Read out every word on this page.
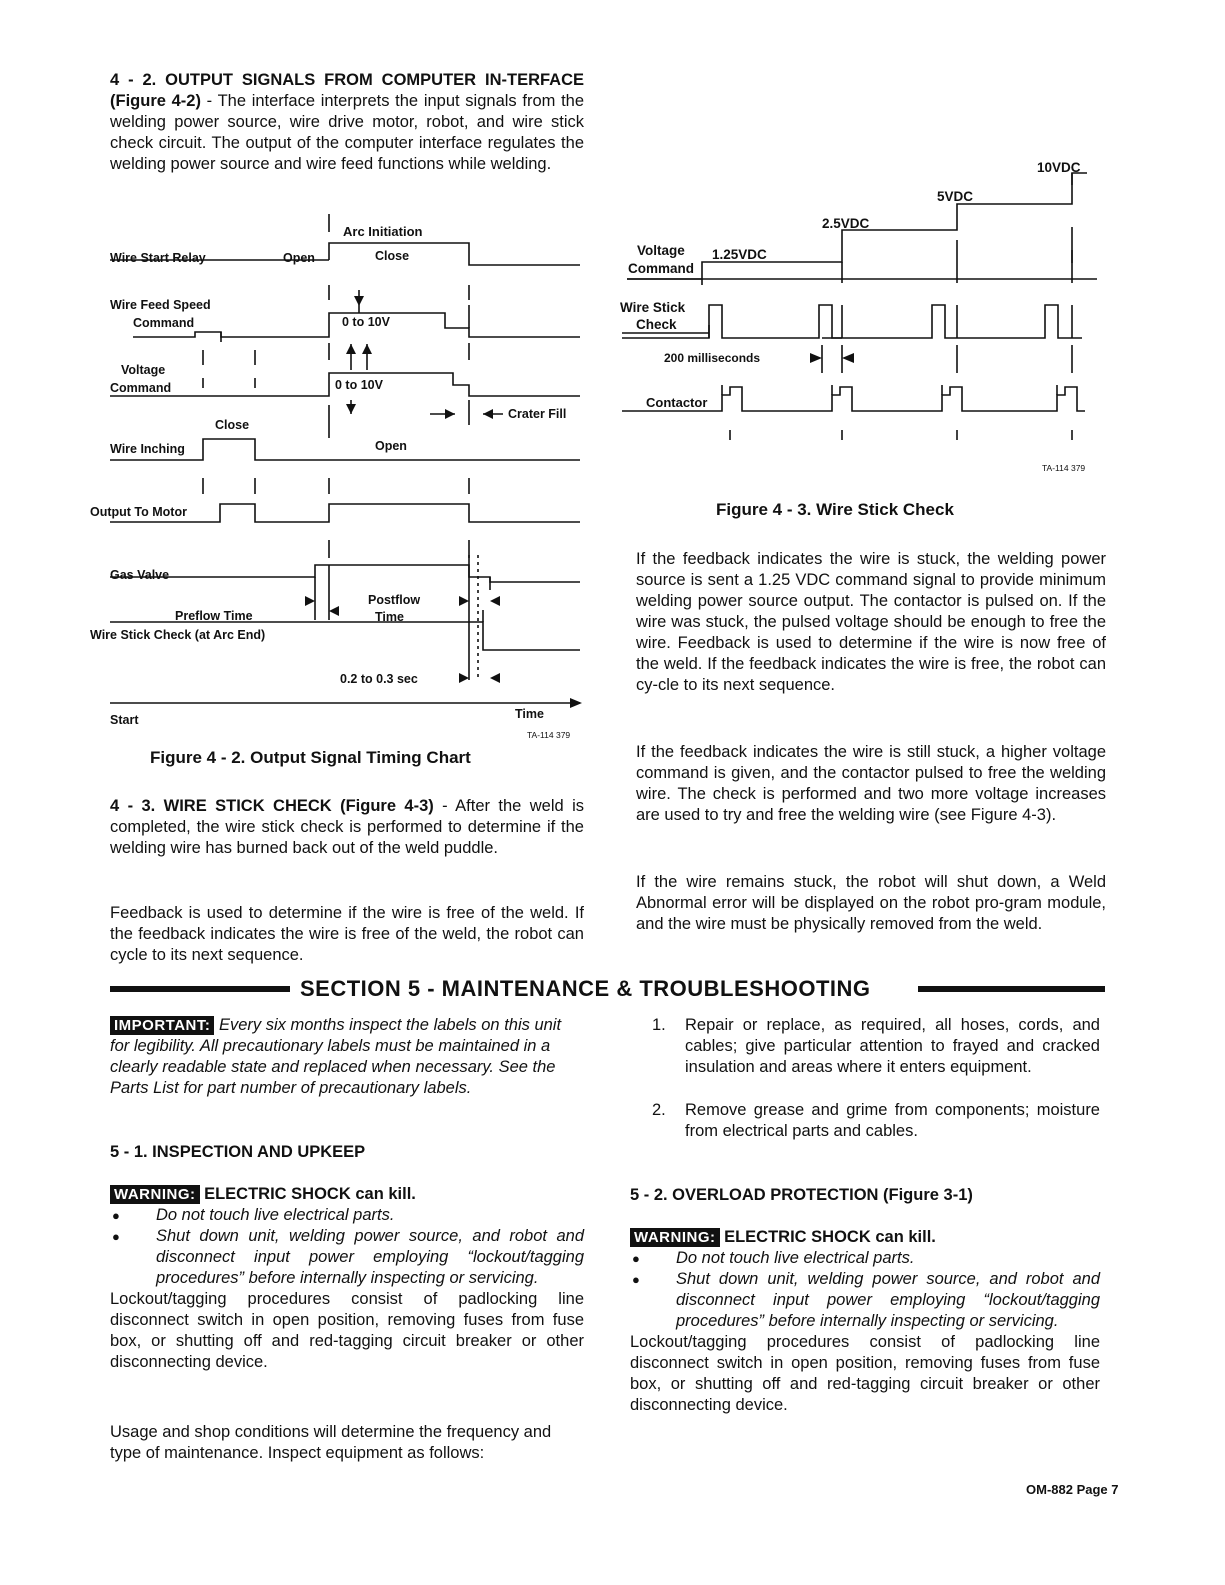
4 - 2. OUTPUT SIGNALS FROM COMPUTER IN-TERFACE (Figure 4-2) - The interface interprets the input signals from the welding power source, wire drive motor, robot, and wire stick check circuit. The output of the computer interface regulates the welding power source and wire feed functions while welding.
Arc Initiation
Wire Start Relay	Open	Close
Wire Feed Speed
Command	0 to 10V
Voltage
Command	0 to 10V
Crater Fill
Close
Wire Inching	Open
Output To Motor
Gas Valve
Postflow
Time
Preflow Time
Wire Stick Check (at Arc End)
0.2 to 0.3 sec
Start	Time
TA-114 379
Figure 4 - 2. Output Signal Timing Chart
4 - 3. WIRE STICK CHECK (Figure 4-3) - After the weld is completed, the wire stick check is performed to determine if the welding wire has burned back out of the weld puddle.
Feedback is used to determine if the wire is free of the weld. If the feedback indicates the wire is free of the weld, the robot can cycle to its next sequence.
10VDC
5VDC
2.5VDC
Voltage 1.25VDC
Command
Wire Stick
Check
200 milliseconds
Contactor
TA-114 379
Figure 4 - 3. Wire Stick Check
If the feedback indicates the wire is stuck, the welding power source is sent a 1.25 VDC command signal to provide minimum welding power source output. The contactor is pulsed on. If the wire was stuck, the pulsed voltage should be enough to free the wire. Feedback is used to determine if the wire is now free of the weld. If the feedback indicates the wire is free, the robot can cy-cle to its next sequence.
If the feedback indicates the wire is still stuck, a higher voltage command is given, and the contactor pulsed to free the welding wire. The check is performed and two more voltage increases are used to try and free the welding wire (see Figure 4-3).
If the wire remains stuck, the robot will shut down, a Weld Abnormal error will be displayed on the robot pro-gram module, and the wire must be physically removed from the weld.
SECTION 5 - MAINTENANCE & TROUBLESHOOTING
IMPORTANT: Every six months inspect the labels on this unit for legibility. All precautionary labels must be maintained in a clearly readable state and replaced when necessary. See the Parts List for part number of precautionary labels.
5 - 1. INSPECTION AND UPKEEP
WARNING: ELECTRIC SHOCK can kill.
● Do not touch live electrical parts.
● Shut down unit, welding power source, and robot and disconnect input power employing “lockout/tagging procedures” before internally inspecting or servicing.
Lockout/tagging procedures consist of padlocking line disconnect switch in open position, removing fuses from fuse box, or shutting off and red-tagging circuit breaker or other disconnecting device.
Usage and shop conditions will determine the frequency and type of maintenance. Inspect equipment as follows:
1. Repair or replace, as required, all hoses, cords, and cables; give particular attention to frayed and cracked insulation and areas where it enters equipment.
2. Remove grease and grime from components; moisture from electrical parts and cables.
5 - 2. OVERLOAD PROTECTION (Figure 3-1)
WARNING: ELECTRIC SHOCK can kill.
● Do not touch live electrical parts.
● Shut down unit, welding power source, and robot and disconnect input power employing “lockout/tagging procedures” before internally inspecting or servicing.
Lockout/tagging procedures consist of padlocking line disconnect switch in open position, removing fuses from fuse box, or shutting off and red-tagging circuit breaker or other disconnecting device.
OM-882 Page 7
